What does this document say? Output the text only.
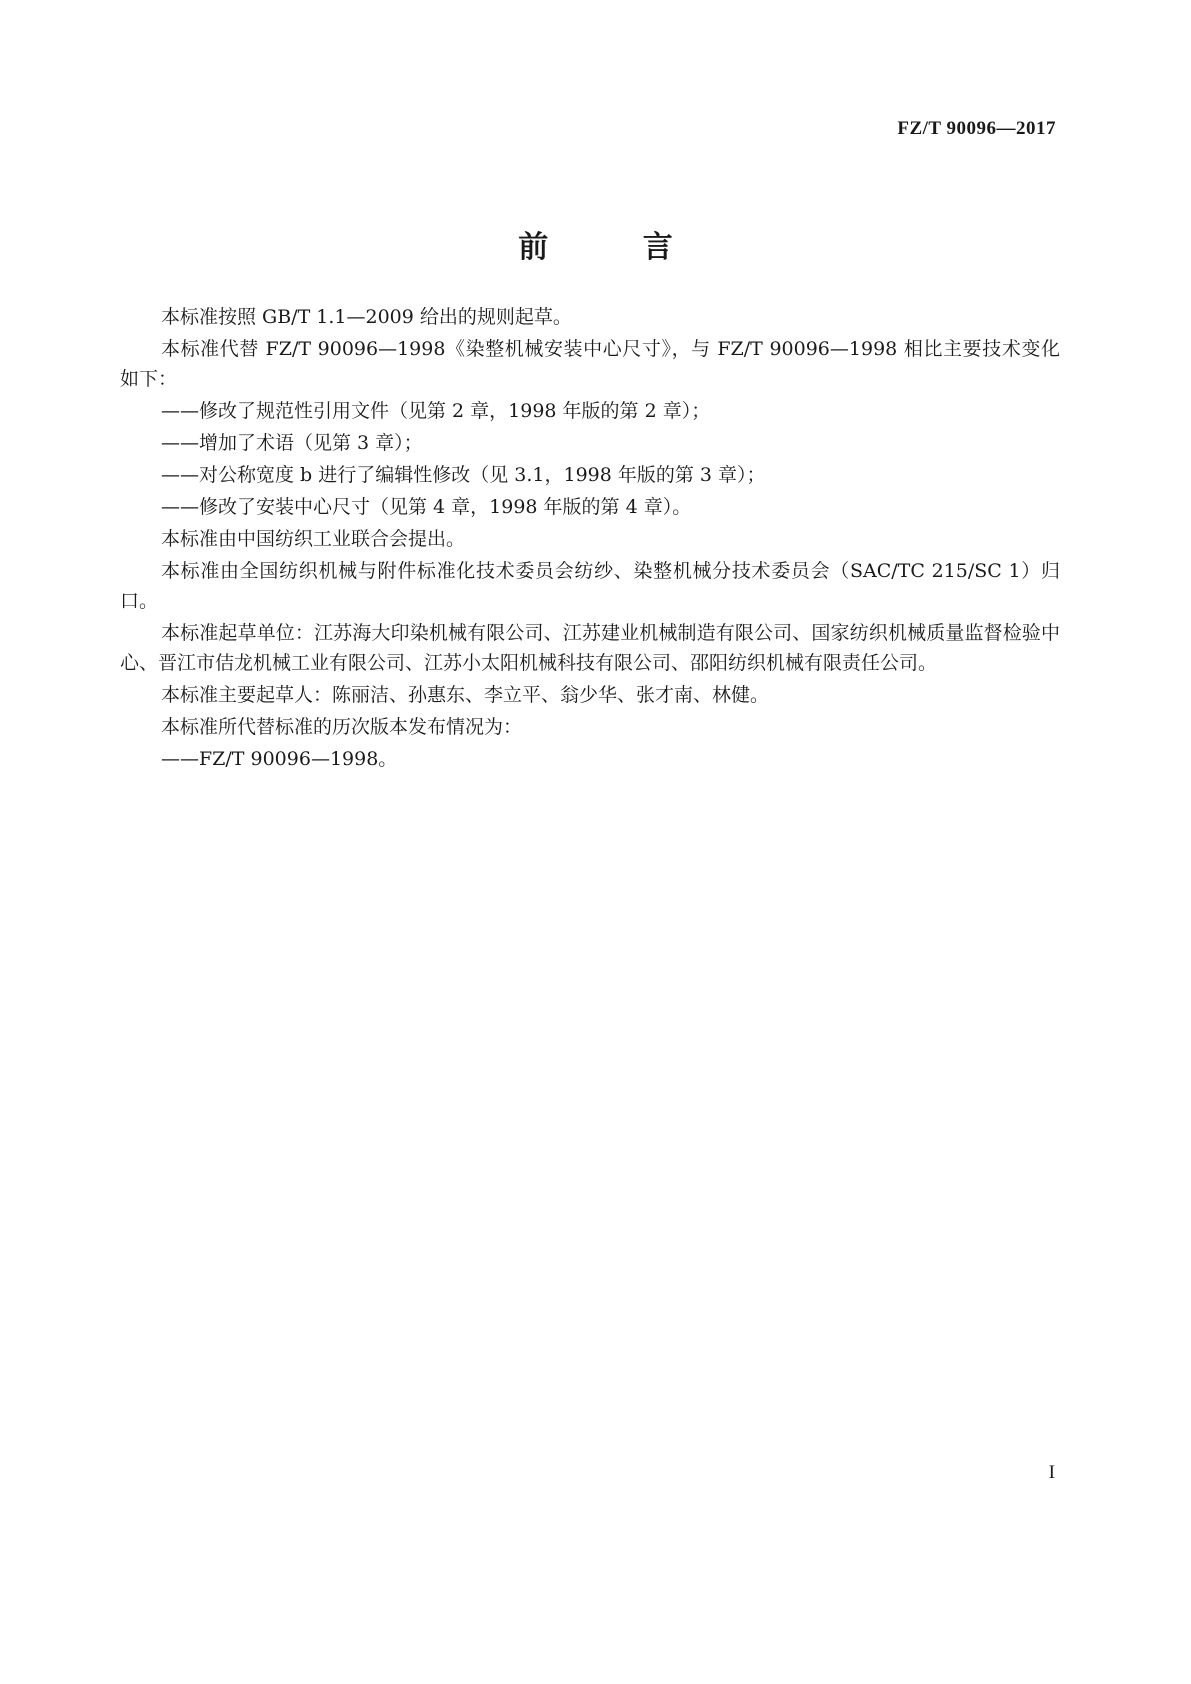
FZ/T 90096—2017
前 言

本标准按照 GB/T 1.1—2009 给出的规则起草。

本标准代替 FZ/T 90096—1998《染整机械安装中心尺寸》，与 FZ/T 90096—1998 相比主要技术变化如下：

——修改了规范性引用文件（见第 2 章，1998 年版的第 2 章）；

——增加了术语（见第 3 章）；

——对公称宽度 b 进行了编辑性修改（见 3.1，1998 年版的第 3 章）；

——修改了安装中心尺寸（见第 4 章，1998 年版的第 4 章）。

本标准由中国纺织工业联合会提出。

本标准由全国纺织机械与附件标准化技术委员会纺纱、染整机械分技术委员会（SAC/TC 215/SC 1）归口。

本标准起草单位：江苏海大印染机械有限公司、江苏建业机械制造有限公司、国家纺织机械质量监督检验中心、晋江市佶龙机械工业有限公司、江苏小太阳机械科技有限公司、邵阳纺织机械有限责任公司。

本标准主要起草人：陈丽洁、孙惠东、李立平、翁少华、张才南、林健。

本标准所代替标准的历次版本发布情况为：

——FZ/T 90096—1998。

I
